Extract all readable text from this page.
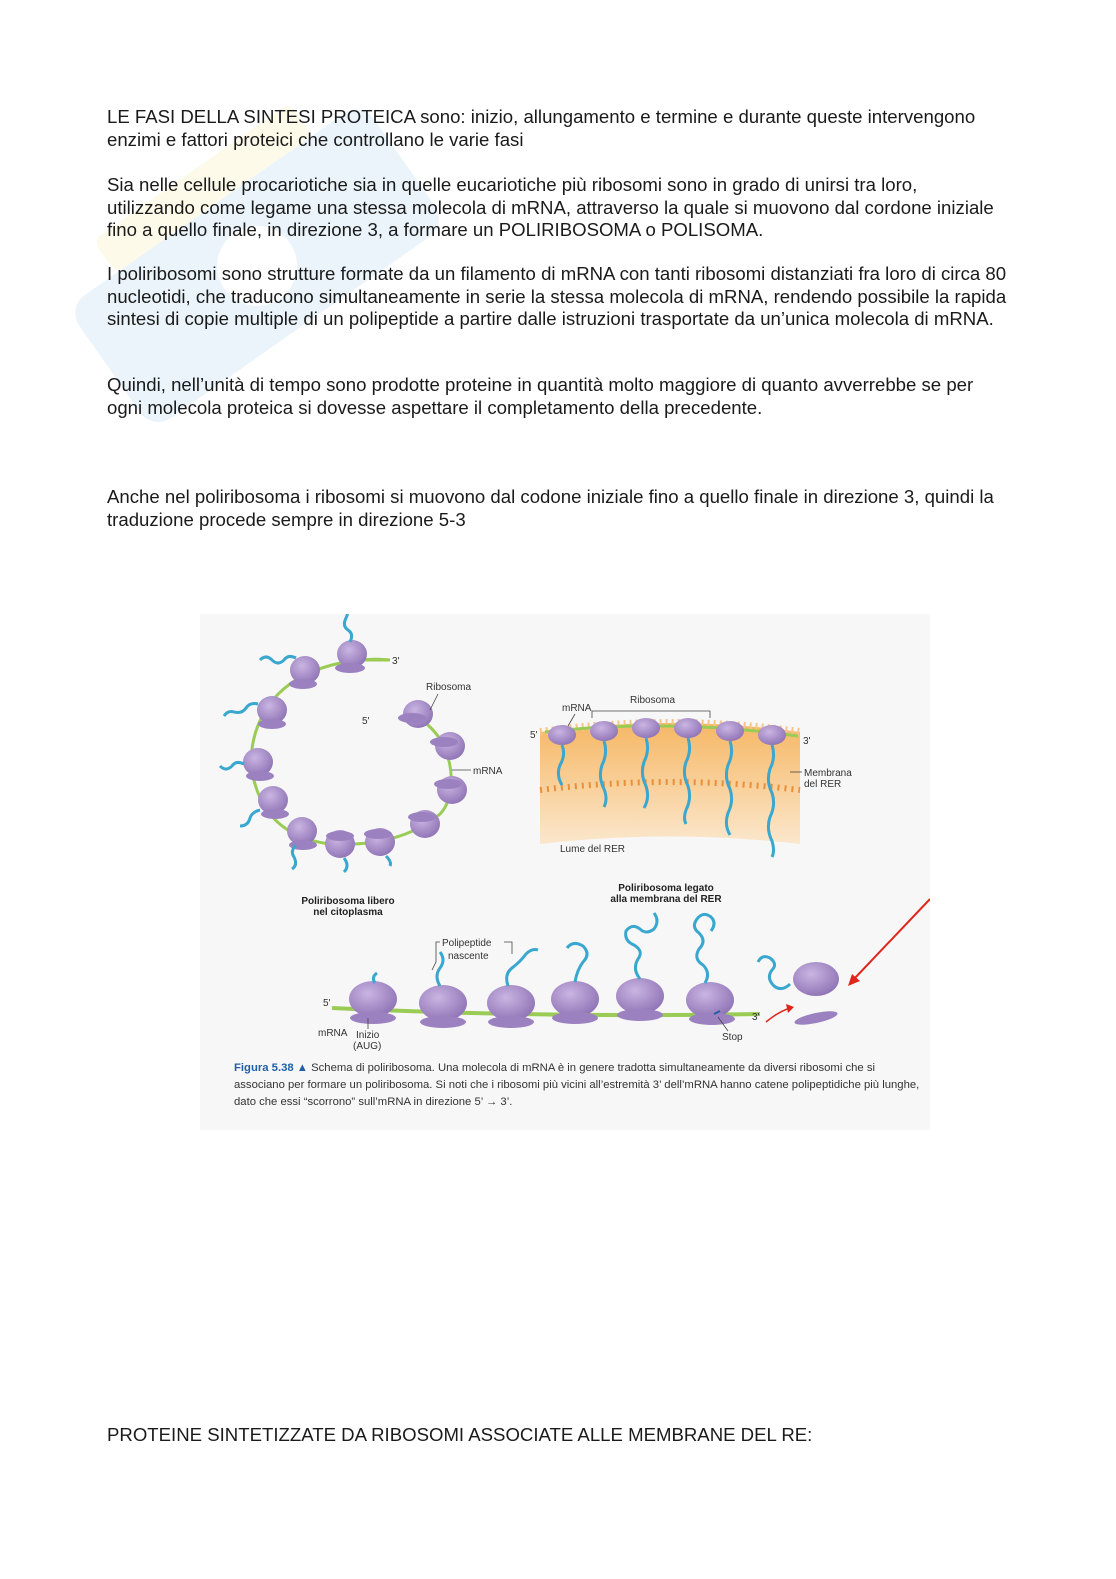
LE FASI DELLA SINTESI PROTEICA sono: inizio, allungamento e termine e durante queste intervengono enzimi e fattori proteici che controllano le varie fasi

Sia nelle cellule procariotiche sia in quelle eucariotiche più ribosomi sono in grado di unirsi tra loro, utilizzando come legame una stessa molecola di mRNA, attraverso la quale si muovono dal cordone iniziale fino a quello finale, in direzione 3, a formare un POLIRIBOSOMA o POLISOMA.

I poliribosomi sono strutture formate da un filamento di mRNA con tanti ribosomi distanziati fra loro di circa 80 nucleotidi, che traducono simultaneamente in serie la stessa molecola di mRNA, rendendo possibile la rapida sintesi di copie multiple di un polipeptide a partire dalle istruzioni trasportate da un’unica molecola di mRNA.

Quindi, nell’unità di tempo sono prodotte proteine in quantità molto maggiore di quanto avverrebbe se per ogni molecola proteica si dovesse aspettare il completamento della precedente.

Anche nel poliribosoma i ribosomi si muovono dal codone iniziale fino a quello finale in direzione 3, quindi la traduzione procede sempre in direzione 5-3

3'
5'
Ribosoma
mRNA
Poliribosoma libero
nel citoplasma
mRNA
Ribosoma
5'
3'
Membrana
del RER
Lume del RER
Poliribosoma legato
alla membrana del RER
Polipeptide
nascente
5'
mRNA Inizio
(AUG)
Stop
3'
Figura 5.38 ▲ Schema di poliribosoma. Una molecola di mRNA è in genere tradotta simultaneamente da diversi ribosomi che si associano per formare un poliribosoma. Si noti che i ribosomi più vicini all’estremità 3’ dell’mRNA hanno catene polipeptidiche più lunghe, dato che essi “scorrono” sull’mRNA in direzione 5’ → 3’.
PROTEINE SINTETIZZATE DA RIBOSOMI ASSOCIATE ALLE MEMBRANE DEL RE:
